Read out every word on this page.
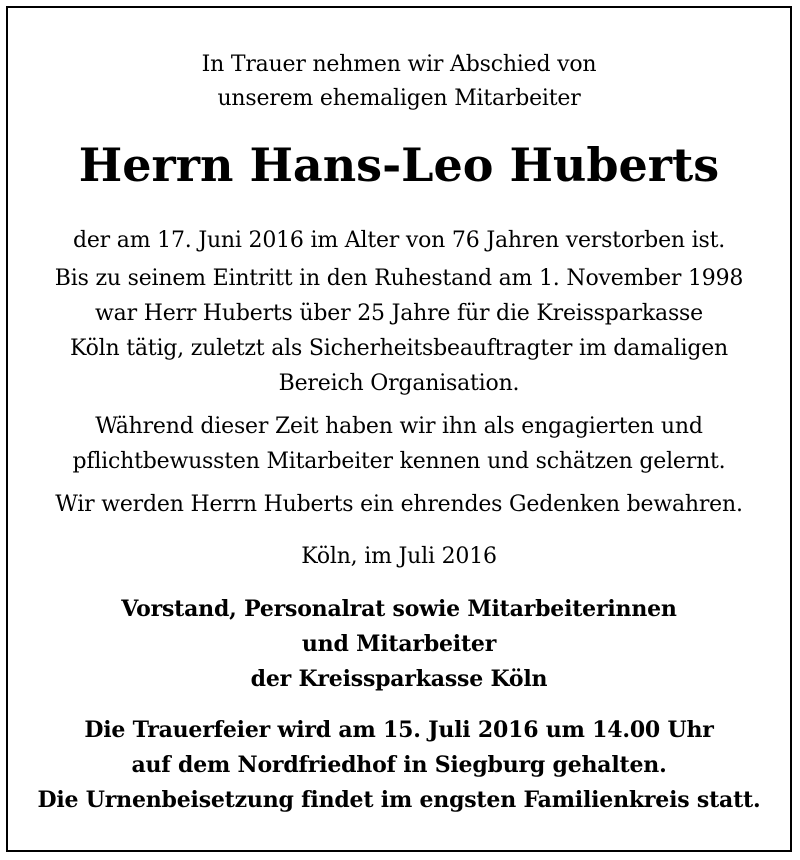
In Trauer nehmen wir Abschied von
unserem ehemaligen Mitarbeiter
Herrn Hans-Leo Huberts
der am 17. Juni 2016 im Alter von 76 Jahren verstorben ist.
Bis zu seinem Eintritt in den Ruhestand am 1. November 1998
war Herr Huberts über 25 Jahre für die Kreissparkasse
Köln tätig, zuletzt als Sicherheitsbeauftragter im damaligen
Bereich Organisation.
Während dieser Zeit haben wir ihn als engagierten und
pflichtbewussten Mitarbeiter kennen und schätzen gelernt.
Wir werden Herrn Huberts ein ehrendes Gedenken bewahren.
Köln, im Juli 2016
Vorstand, Personalrat sowie Mitarbeiterinnen
und Mitarbeiter
der Kreissparkasse Köln
Die Trauerfeier wird am 15. Juli 2016 um 14.00 Uhr
auf dem Nordfriedhof in Siegburg gehalten.
Die Urnenbeisetzung findet im engsten Familienkreis statt.
